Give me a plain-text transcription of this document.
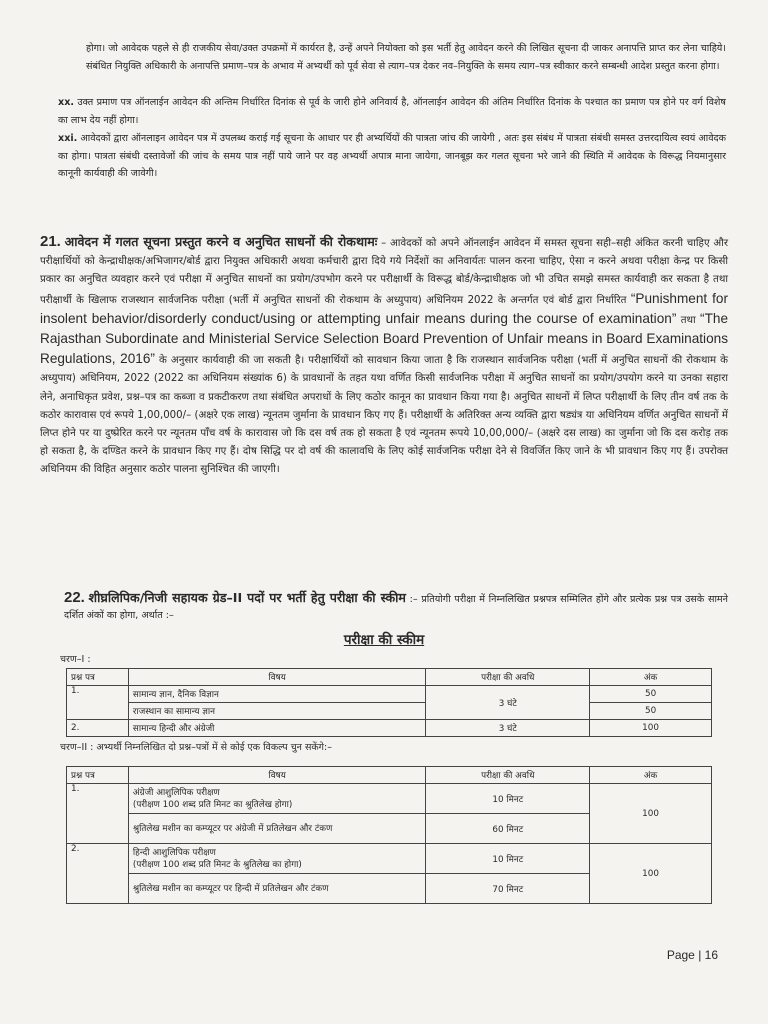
होगा। जो आवेदक पहले से ही राजकीय सेवा/उक्त उपक्रमों में कार्यरत है, उन्हें अपने नियोक्ता को इस भर्ती हेतु आवेदन करने की लिखित सूचना दी जाकर अनापत्ति प्राप्त कर लेना चाहिये। संबंधित नियुक्ति अधिकारी के अनापत्ति प्रमाण–पत्र के अभाव में अभ्यर्थी को पूर्व सेवा से त्याग–पत्र देकर नव–नियुक्ति के समय त्याग–पत्र स्वीकार करने सम्बन्धी आदेश प्रस्तुत करना होगा।

xx. उक्त प्रमाण पत्र ऑनलाईन आवेदन की अन्तिम निर्धारित दिनांक से पूर्व के जारी होने अनिवार्य है, ऑनलाईन आवेदन की अंतिम निर्धारित दिनांक के पश्चात का प्रमाण पत्र होने पर वर्ग विशेष का लाभ देय नहीं होगा।

xxi. आवेदकों द्वारा ऑनलाइन आवेदन पत्र में उपलब्ध कराई गई सूचना के आधार पर ही अभ्यर्थियों की पात्रता जांच की जायेगी , अतः इस संबंध में पात्रता संबंधी समस्त उत्तरदायित्व स्वयं आवेदक का होगा। पात्रता संबंधी दस्तावेजों की जांच के समय पात्र नहीं पाये जाने पर वह अभ्यर्थी अपात्र माना जायेगा, जानबूझ कर गलत सूचना भरे जाने की स्थिति में आवेदक के विरूद्ध नियमानुसार कानूनी कार्यवाही की जावेगी।

21. आवेदन में गलत सूचना प्रस्तुत करने व अनुचित साधनों की रोकथामः – आवेदकों को अपने ऑनलाईन आवेदन में समस्त सूचना सही–सही अंकित करनी चाहिए और परीक्षार्थियों को केन्द्राधीक्षक/अभिजागर/बोर्ड द्वारा नियुक्त अधिकारी अथवा कर्मचारी द्वारा दिये गये निर्देशों का अनिवार्यतः पालन करना चाहिए, ऐसा न करने अथवा परीक्षा केन्द्र पर किसी प्रकार का अनुचित व्यवहार करने एवं परीक्षा में अनुचित साधनों का प्रयोग/उपभोग करने पर परीक्षार्थी के विरूद्ध बोर्ड/केन्द्राधीक्षक जो भी उचित समझे समस्त कार्यवाही कर सकता है तथा परीक्षार्थी के खिलाफ राजस्थान सार्वजनिक परीक्षा (भर्ती में अनुचित साधनों की रोकथाम के अध्युपाय) अधिनियम 2022 के अन्तर्गत एवं बोर्ड द्वारा निर्धारित “Punishment for insolent behavior/disorderly conduct/using or attempting unfair means during the course of examination” तथा “The Rajasthan Subordinate and Ministerial Service Selection Board Prevention of Unfair means in Board Examinations Regulations, 2016” के अनुसार कार्यवाही की जा सकती है। परीक्षार्थियों को सावधान किया जाता है कि राजस्थान सार्वजनिक परीक्षा (भर्ती में अनुचित साधनों की रोकथाम के अध्युपाय) अधिनियम, 2022 (2022 का अधिनियम संख्यांक 6) के प्रावधानों के तहत यथा वर्णित किसी सार्वजनिक परीक्षा में अनुचित साधनों का प्रयोग/उपयोग करने या उनका सहारा लेने, अनाधिकृत प्रवेश, प्रश्न–पत्र का कब्जा व प्रकटीकरण तथा संबंधित अपराधों के लिए कठोर कानून का प्रावधान किया गया है। अनुचित साधनों में लिप्त परीक्षार्थी के लिए तीन वर्ष तक के कठोर कारावास एवं रूपये 1,00,000/– (अक्षरे एक लाख) न्यूनतम जुर्माना के प्रावधान किए गए हैं। परीक्षार्थी के अतिरिक्त अन्य व्यक्ति द्वारा षड्यंत्र या अधिनियम वर्णित अनुचित साधनों में लिप्त होने पर या दुष्प्रेरित करने पर न्यूनतम पाँच वर्ष के कारावास जो कि दस वर्ष तक हो सकता है एवं न्यूनतम रूपये 10,00,000/– (अक्षरे दस लाख) का जुर्माना जो कि दस करोड़ तक हो सकता है, के दण्डित करने के प्रावधान किए गए हैं। दोष सिद्धि पर दो वर्ष की कालावधि के लिए कोई सार्वजनिक परीक्षा देने से विवर्जित किए जाने के भी प्रावधान किए गए हैं। उपरोक्त अधिनियम की विहित अनुसार कठोर पालना सुनिश्चित की जाएगी।

22. शीघ्रलिपिक/निजी सहायक ग्रेड–II पदों पर भर्ती हेतु परीक्षा की स्कीम :– प्रतियोगी परीक्षा में निम्नलिखित प्रश्नपत्र सम्मिलित होंगे और प्रत्येक प्रश्न पत्र उसके सामने दर्शित अंकों का होगा, अर्थात :–

परीक्षा की स्कीम

चरण–I :

प्रश्न पत्र	विषय	परीक्षा की अवधि	अंक
1.	सामान्य ज्ञान, दैनिक विज्ञान	3 घंटे	50
	राजस्थान का सामान्य ज्ञान		50
2.	सामान्य हिन्दी और अंग्रेजी	3 घंटे	100

चरण–II : अभ्यर्थी निम्नलिखित दो प्रश्न–पत्रों में से कोई एक विकल्प चुन सकेंगे:–

प्रश्न पत्र	विषय	परीक्षा की अवधि	अंक
1.	अंग्रेजी आशुलिपिक परीक्षण
(परीक्षण 100 शब्द प्रति मिनट का श्रुतिलेख होगा)	10 मिनट	100
	श्रुतिलेख मशीन का कम्प्यूटर पर अंग्रेजी में प्रतिलेखन और टंकण	60 मिनट	
2.	हिन्दी आशुलिपिक परीक्षण
(परीक्षण 100 शब्द प्रति मिनट के श्रुतिलेख का होगा)	10 मिनट	100
	श्रुतिलेख मशीन का कम्प्यूटर पर हिन्दी में प्रतिलेखन और टंकण	70 मिनट	
Page | 16
